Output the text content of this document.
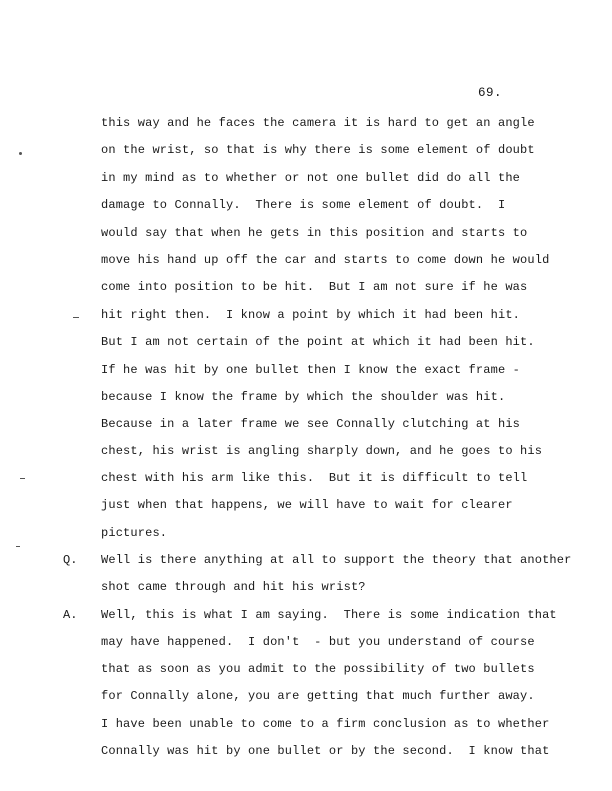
69.
this way and he faces the camera it is hard to get an angle
on the wrist, so that is why there is some element of doubt
in my mind as to whether or not one bullet did do all the
damage to Connally.  There is some element of doubt.  I
would say that when he gets in this position and starts to
move his hand up off the car and starts to come down he would
come into position to be hit.  But I am not sure if he was
hit right then.  I know a point by which it had been hit.
But I am not certain of the point at which it had been hit.
If he was hit by one bullet then I know the exact frame -
because I know the frame by which the shoulder was hit.
Because in a later frame we see Connally clutching at his
chest, his wrist is angling sharply down, and he goes to his
chest with his arm like this.  But it is difficult to tell
just when that happens, we will have to wait for clearer
pictures.
Q. Well is there anything at all to support the theory that another
shot came through and hit his wrist?
A. Well, this is what I am saying.  There is some indication that
may have happened.  I don't  - but you understand of course
that as soon as you admit to the possibility of two bullets
for Connally alone, you are getting that much further away.
I have been unable to come to a firm conclusion as to whether
Connally was hit by one bullet or by the second.  I know that
